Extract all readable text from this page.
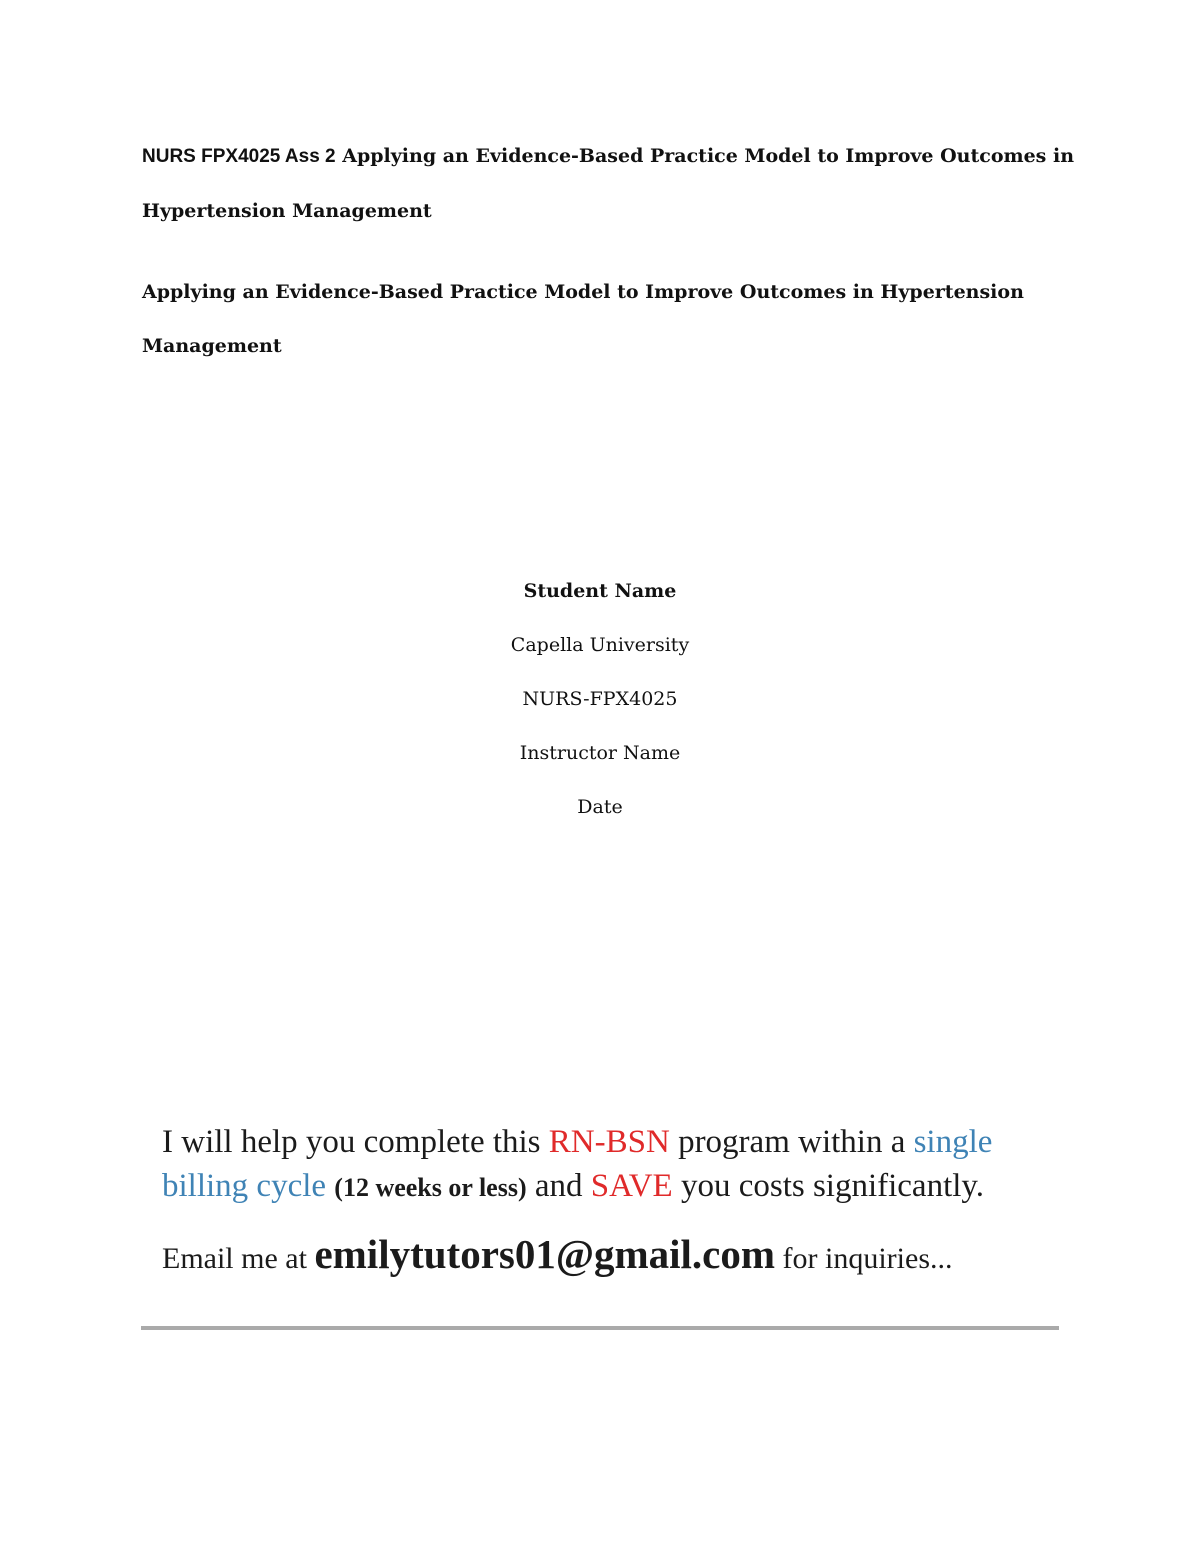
NURS FPX4025 Ass 2 Applying an Evidence-Based Practice Model to Improve Outcomes in
Hypertension Management
Applying an Evidence-Based Practice Model to Improve Outcomes in Hypertension
Management
Student Name
Capella University
NURS-FPX4025
Instructor Name
Date
I will help you complete this RN-BSN program within a single
billing cycle (12 weeks or less) and SAVE you costs significantly.
Email me at emilytutors01@gmail.com for inquiries...
